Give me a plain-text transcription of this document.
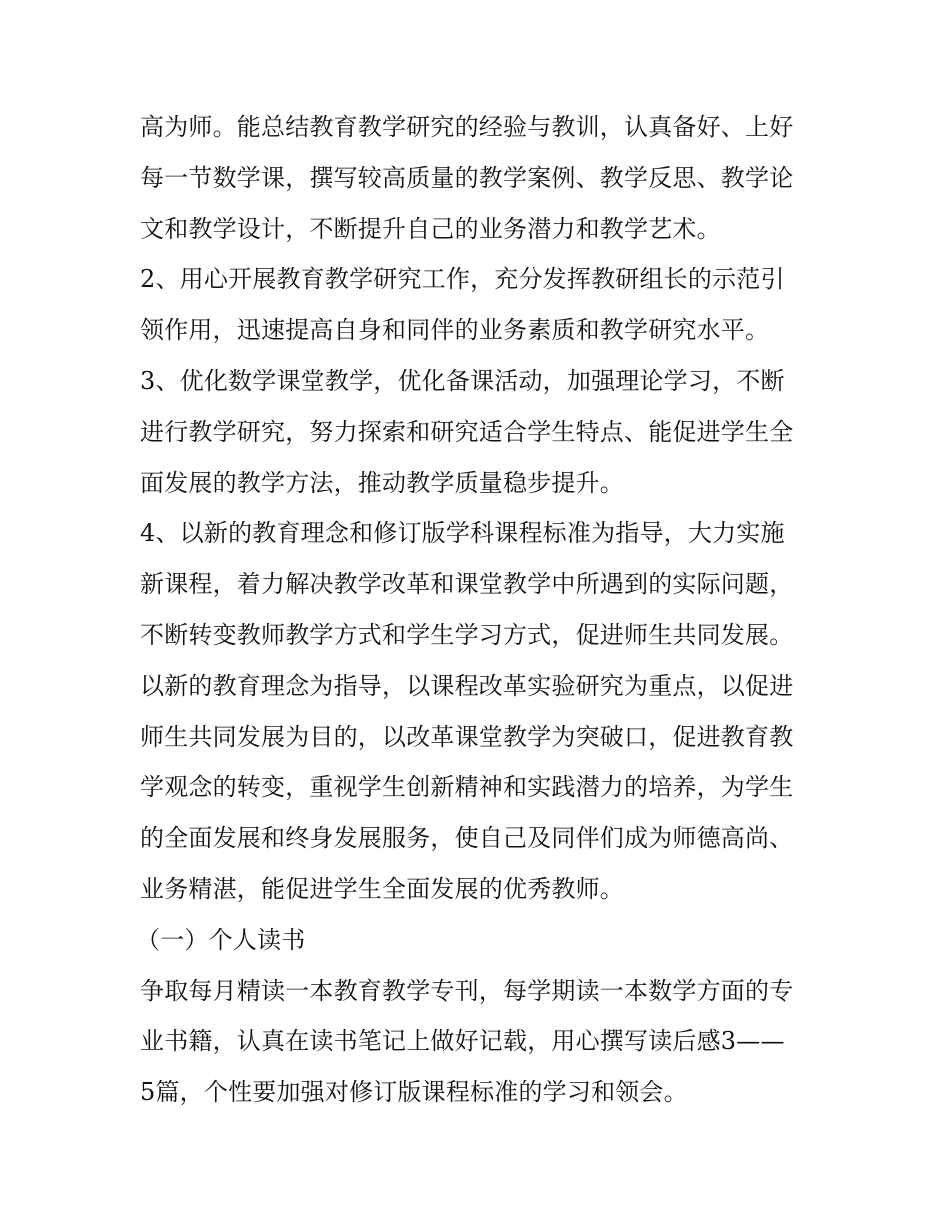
高为师。能总结教育教学研究的经验与教训，认真备好、上好
每一节数学课，撰写较高质量的教学案例、教学反思、教学论
文和教学设计，不断提升自己的业务潜力和教学艺术。
2、用心开展教育教学研究工作，充分发挥教研组长的示范引
领作用，迅速提高自身和同伴的业务素质和教学研究水平。
3、优化数学课堂教学，优化备课活动，加强理论学习，不断
进行教学研究，努力探索和研究适合学生特点、能促进学生全
面发展的教学方法，推动教学质量稳步提升。
4、以新的教育理念和修订版学科课程标准为指导，大力实施
新课程，着力解决教学改革和课堂教学中所遇到的实际问题，
不断转变教师教学方式和学生学习方式，促进师生共同发展。
以新的教育理念为指导，以课程改革实验研究为重点，以促进
师生共同发展为目的，以改革课堂教学为突破口，促进教育教
学观念的转变，重视学生创新精神和实践潜力的培养，为学生
的全面发展和终身发展服务，使自己及同伴们成为师德高尚、
业务精湛，能促进学生全面发展的优秀教师。
（一）个人读书
争取每月精读一本教育教学专刊，每学期读一本数学方面的专
业书籍，认真在读书笔记上做好记载，用心撰写读后感3——
5篇，个性要加强对修订版课程标准的学习和领会。
